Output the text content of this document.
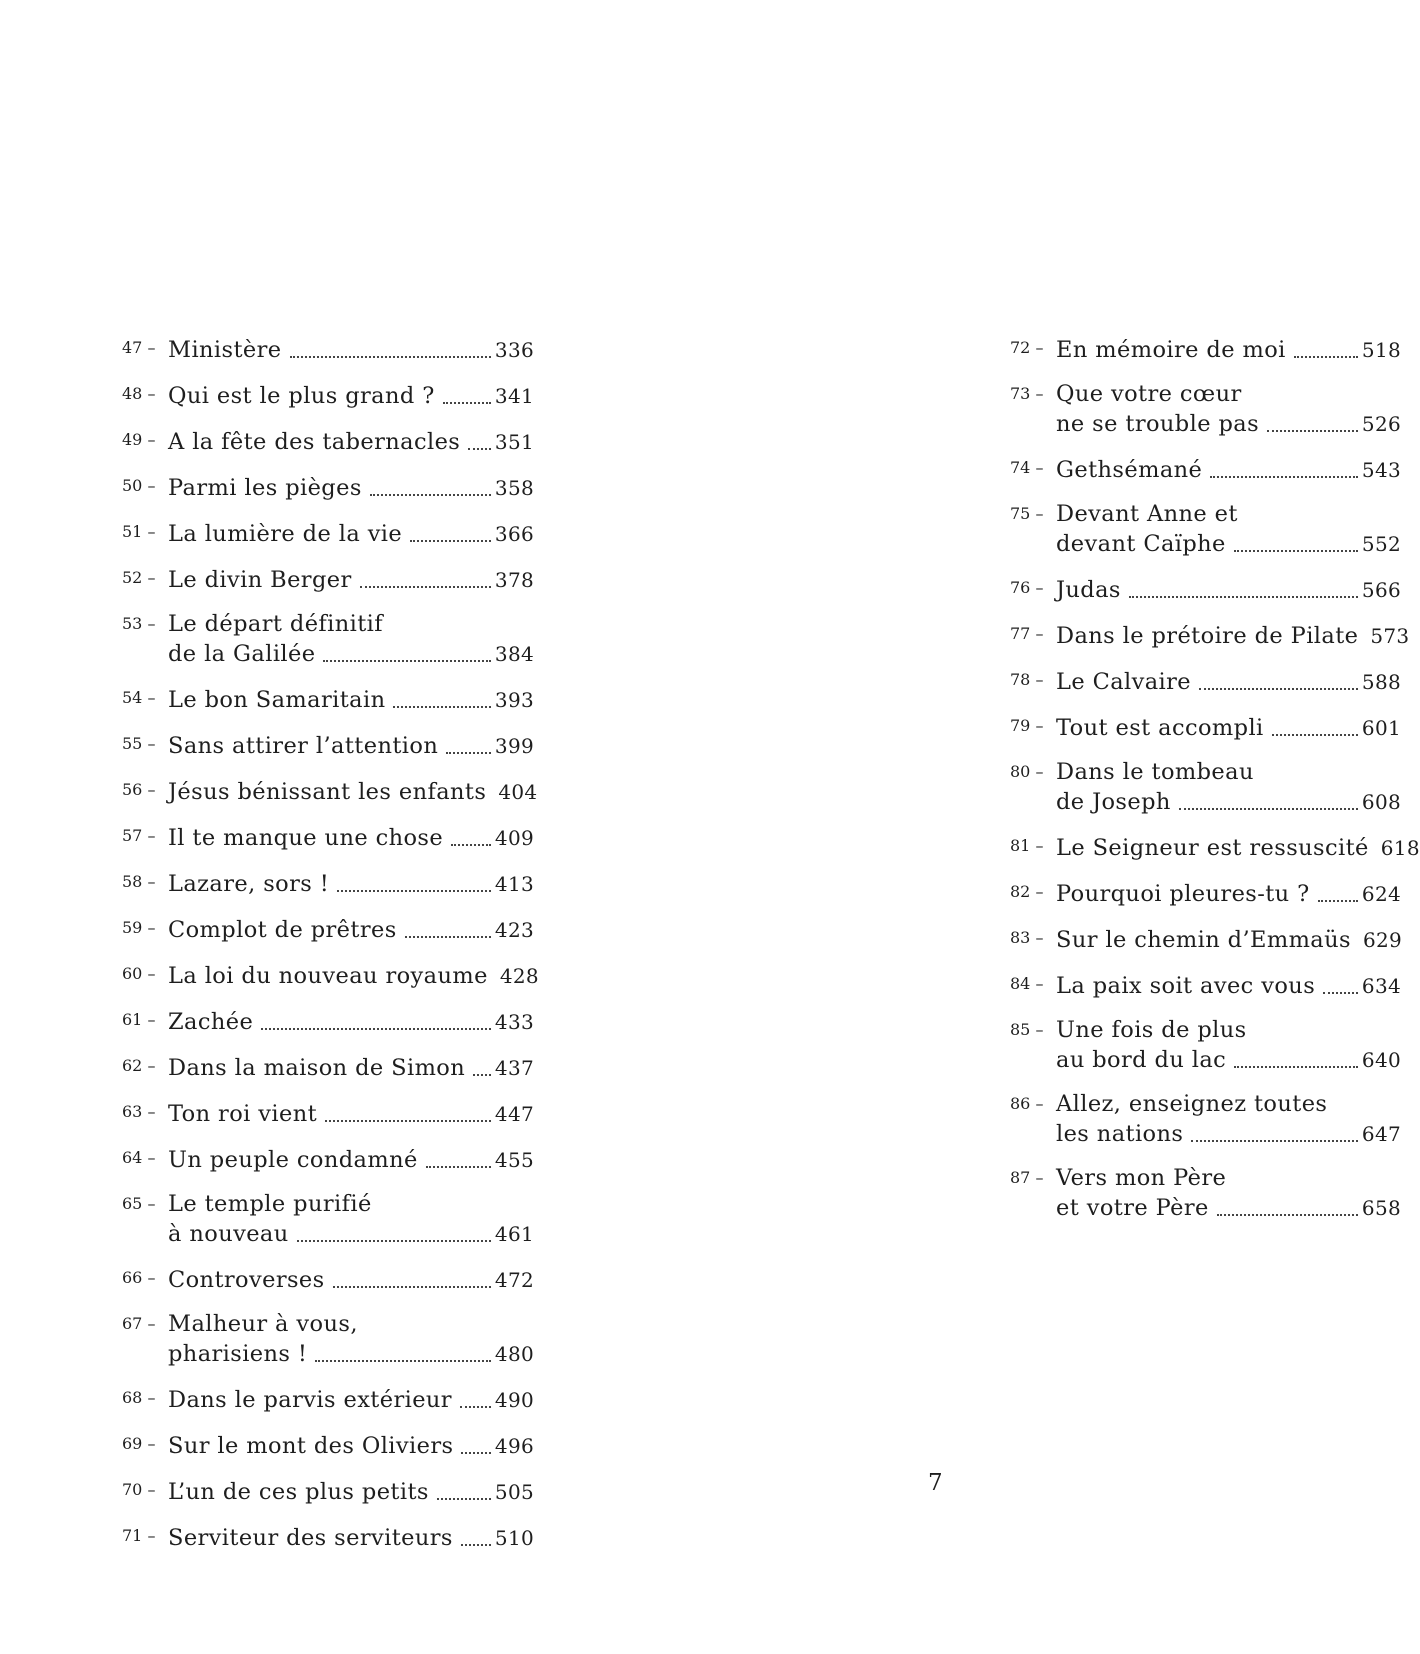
47 – Ministère	336
48 – Qui est le plus grand ?	341
49 – A la fête des tabernacles 351
50 – Parmi les pièges	358
51 – La lumière de la vie	366
52 – Le divin Berger	378
53 – Le départ définitif
de la Galilée	384
54 – Le bon Samaritain	393
55 – Sans attirer l’attention	399
56 – Jésus bénissant les enfants 404
57 – Il te manque une chose	409
58 – Lazare, sors !	413
59 – Complot de prêtres	423
60 – La loi du nouveau royaume 428
61 – Zachée	433
62 – Dans la maison de Simon 437
63 – Ton roi vient	447
64 – Un peuple condamné	455
65 – Le temple purifié
à nouveau	461
66 – Controverses	472
67 – Malheur à vous,
pharisiens !	480
68 – Dans le parvis extérieur 490
69 – Sur le mont des Oliviers 496
70 – L’un de ces plus petits	505
71 – Serviteur des serviteurs 510
72 – En mémoire de moi	518
73 – Que votre cœur
ne se trouble pas	526
74 – Gethsémané	543
75 – Devant Anne et
devant Caïphe	552
76 – Judas	566
77 – Dans le prétoire de Pilate 573
78 – Le Calvaire	588
79 – Tout est accompli	601
80 – Dans le tombeau
de Joseph	608
81 – Le Seigneur est ressuscité 618
82 – Pourquoi pleures-tu ?	624
83 – Sur le chemin d’Emmaüs 629
84 – La paix soit avec vous 634
85 – Une fois de plus
au bord du lac	640
86 – Allez, enseignez toutes
les nations	647
87 – Vers mon Père
et votre Père	658
7
